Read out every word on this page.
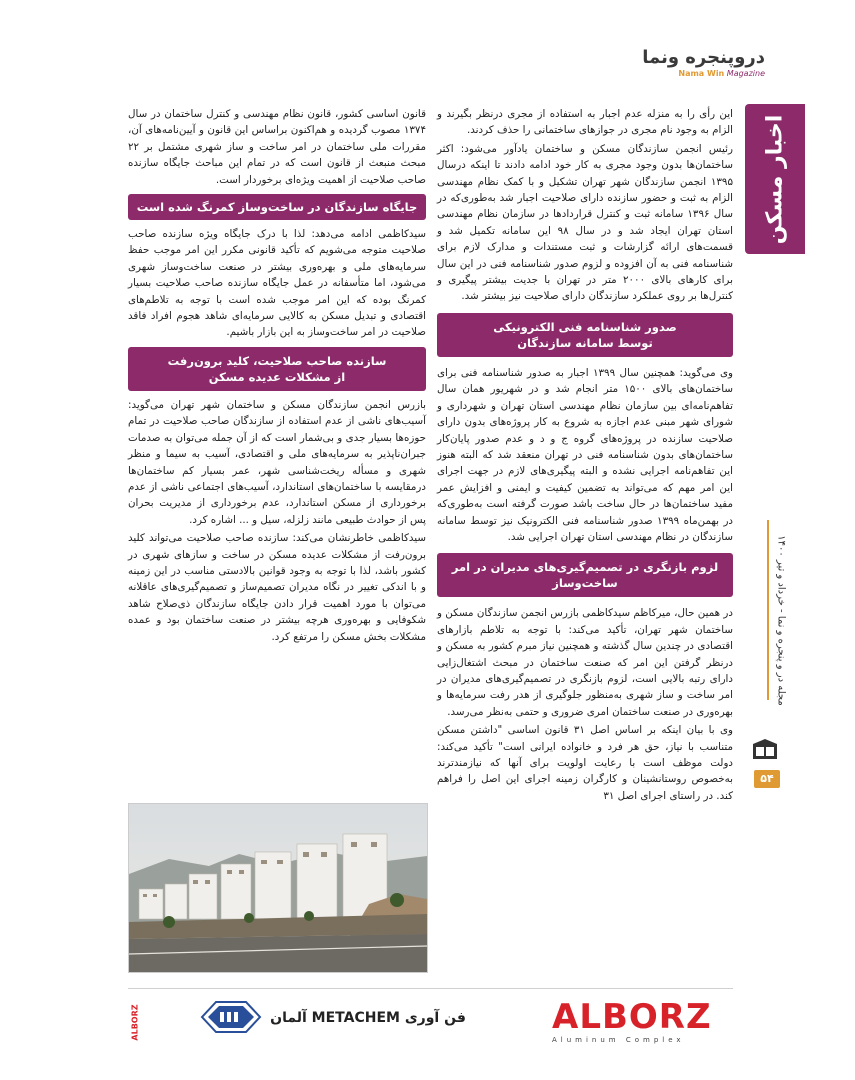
دروپنجره ونما
Nama Win Magazine
اخبار مسکن
مجله در و پنجره و نما - خرداد و تیر ۱۴۰۰
۵۴

این رأی را به منزله عدم اجبار به استفاده از مجری درنظر بگیرند و الزام به وجود نام مجری در جوازهای ساختمانی را حذف کردند.

رئیس انجمن سازندگان مسکن و ساختمان یادآور می‌شود: اکثر ساختمان‌ها بدون وجود مجری به کار خود ادامه دادند تا اینکه درسال ۱۳۹۵ انجمن سازندگان شهر تهران تشکیل و با کمک نظام مهندسی الزام به ثبت و حضور سازنده دارای صلاحیت اجبار شد به‌طوری‌که در سال ۱۳۹۶ سامانه ثبت و کنترل قراردادها در سازمان نظام مهندسی استان تهران ایجاد شد و در سال ۹۸ این سامانه تکمیل شد و قسمت‌های ارائه گزارشات و ثبت مستندات و مدارک لازم برای شناسنامه فنی به آن افزوده و لزوم صدور شناسنامه فنی در این سال برای کارهای بالای ۲۰۰۰ متر در تهران با جدیت بیشتر پیگیری و کنترل‌ها بر روی عملکرد سازندگان دارای صلاحیت نیز بیشتر شد.

صدور شناسنامه فنی الکترونیکی
توسط سامانه سازندگان

وی می‌گوید: همچنین سال ۱۳۹۹ اجبار به صدور شناسنامه فنی برای ساختمان‌های بالای ۱۵۰۰ متر انجام شد و در شهریور همان سال تفاهم‌نامه‌ای بین سازمان نظام مهندسی استان تهران و شهرداری و شورای شهر مبنی عدم اجازه به شروع به کار پروژه‌های بدون دارای صلاحیت سازنده در پروژه‌های گروه ج و د و عدم صدور پایان‌کار ساختمان‌های بدون شناسنامه فنی در تهران منعقد شد که البته هنوز این تفاهم‌نامه اجرایی نشده و البته پیگیری‌های لازم در جهت اجرای این امر مهم که می‌تواند به تضمین کیفیت و ایمنی و افزایش عمر مفید ساختمان‌ها در حال ساخت باشد صورت گرفته است به‌طوری‌که در بهمن‌ماه ۱۳۹۹ صدور شناسنامه فنی الکترونیک نیز توسط سامانه سازندگان در نظام مهندسی استان تهران اجرایی شد.

لزوم بازنگری در تصمیم‌گیری‌های مدیران در امر
ساخت‌وساز

در همین حال، میرکاظم سیدکاظمی بازرس انجمن سازندگان مسکن و ساختمان شهر تهران، تأکید می‌کند: با توجه به تلاطم بازارهای اقتصادی در چندین سال گذشته و همچنین نیاز مبرم کشور به مسکن و درنظر گرفتن این امر که صنعت ساختمان در مبحث اشتغال‌زایی دارای رتبه بالایی است، لزوم بازنگری در تصمیم‌گیری‌های مدیران در امر ساخت و ساز شهری به‌منظور جلوگیری از هدر رفت سرمایه‌ها و بهره‌وری در صنعت ساختمان امری ضروری و حتمی به‌نظر می‌رسد.

وی با بیان اینکه بر اساس اصل ۳۱ قانون اساسی "داشتن مسکن متناسب با نیاز، حق هر فرد و خانواده ایرانی است" تأکید می‌کند: دولت موظف است با رعایت اولویت برای آنها که نیازمندترند به‌خصوص روستانشینان و کارگران زمینه اجرای این اصل را فراهم کند. در راستای اجرای اصل ۳۱

قانون اساسی کشور، قانون نظام مهندسی و کنترل ساختمان در سال ۱۳۷۴ مصوب گردیده و هم‌اکنون براساس این قانون و آیین‌نامه‌های آن، مقررات ملی ساختمان در امر ساخت و ساز شهری مشتمل بر ۲۲ مبحث منبعث از قانون است که در تمام این مباحث جایگاه سازنده صاحب صلاحیت از اهمیت ویژه‌ای برخوردار است.

جایگاه سازندگان در ساخت‌وساز کمرنگ شده است

سیدکاظمی ادامه می‌دهد: لذا با درک جایگاه ویژه سازنده صاحب صلاحیت متوجه می‌شویم که تأکید قانونی مکرر این امر موجب حفظ سرمایه‌های ملی و بهره‌وری بیشتر در صنعت ساخت‌وساز شهری می‌شود، اما متأسفانه در عمل جایگاه سازنده صاحب صلاحیت بسیار کمرنگ بوده که این امر موجب شده است با توجه به تلاطم‌های اقتصادی و تبدیل مسکن به کالایی سرمایه‌ای شاهد هجوم افراد فاقد صلاحیت در امر ساخت‌وساز به این بازار باشیم.

سازنده صاحب صلاحیت، کلید برون‌رفت
از مشکلات عدیده مسکن

بازرس انجمن سازندگان مسکن و ساختمان شهر تهران می‌گوید: آسیب‌های ناشی از عدم استفاده از سازندگان صاحب صلاحیت در تمام حوزه‌ها بسیار جدی و بی‌شمار است که از آن جمله می‌توان به صدمات جبران‌ناپذیر به سرمایه‌های ملی و اقتصادی، آسیب به سیما و منظر شهری و مسأله ریخت‌شناسی شهر، عمر بسیار کم ساختمان‌ها درمقایسه با ساختمان‌های استاندارد، آسیب‌های اجتماعی ناشی از عدم برخورداری از مسکن استاندارد، عدم برخورداری از مدیریت بحران پس از حوادث طبیعی مانند زلزله، سیل و ... اشاره کرد.

سیدکاظمی خاطرنشان می‌کند: سازنده صاحب صلاحیت می‌تواند کلید برون‌رفت از مشکلات عدیده مسکن در ساخت و سازهای شهری در کشور باشد، لذا با توجه به وجود قوانین بالادستی مناسب در این زمینه و با اندکی تغییر در نگاه مدیران تصمیم‌ساز و تصمیم‌گیری‌های عاقلانه می‌توان با مورد اهمیت قرار دادن جایگاه سازندگان ذی‌صلاح شاهد شکوفایی و بهره‌وری هرچه بیشتر در صنعت ساختمان بود و عمده مشکلات بخش مسکن را مرتفع کرد.

ALBORZ
Aluminum Complex
فن آوری METACHEM آلمان
ALBORZ
